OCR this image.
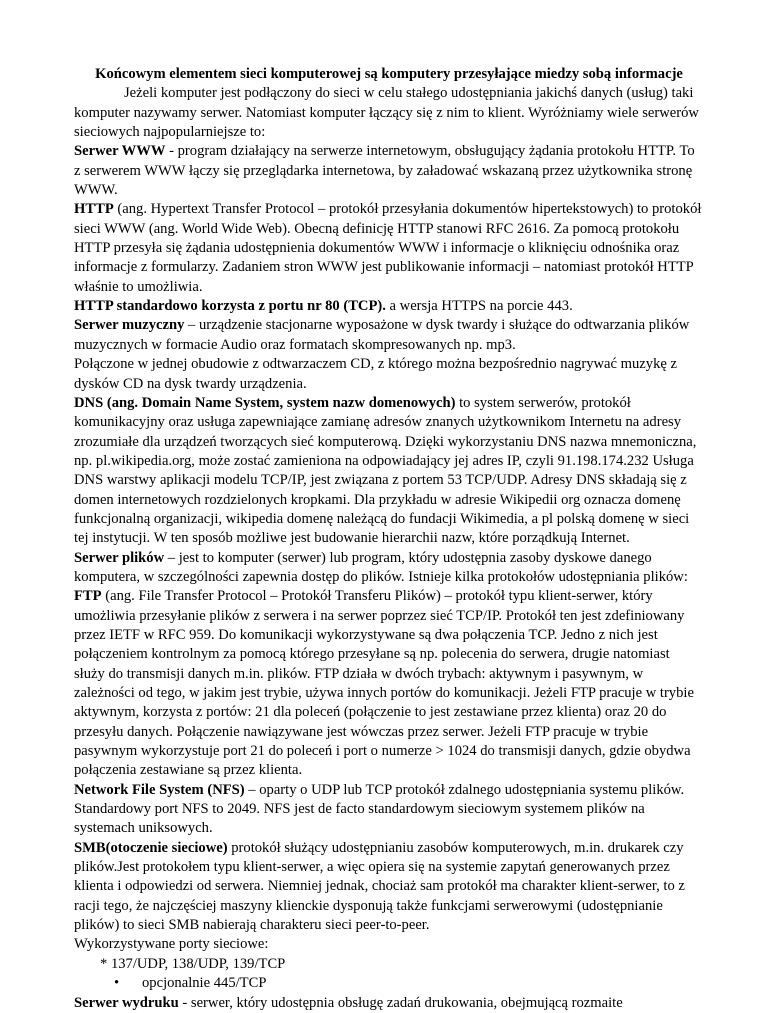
Końcowym elementem sieci komputerowej są komputery przesyłające miedzy sobą informacje

Jeżeli komputer jest podłączony do sieci w celu stałego udostępniania jakichś danych (usług) taki komputer nazywamy serwer. Natomiast komputer łączący się z nim to klient. Wyróżniamy wiele serwerów sieciowych najpopularniejsze to:

Serwer WWW - program działający na serwerze internetowym, obsługujący żądania protokołu HTTP. To z serwerem WWW łączy się przeglądarka internetowa, by załadować wskazaną przez użytkownika stronę WWW.

HTTP (ang. Hypertext Transfer Protocol – protokół przesyłania dokumentów hipertekstowych) to protokół sieci WWW (ang. World Wide Web). Obecną definicję HTTP stanowi RFC 2616. Za pomocą protokołu HTTP przesyła się żądania udostępnienia dokumentów WWW i informacje o kliknięciu odnośnika oraz informacje z formularzy. Zadaniem stron WWW jest publikowanie informacji – natomiast protokół HTTP właśnie to umożliwia.

HTTP standardowo korzysta z portu nr 80 (TCP). a wersja HTTPS na porcie 443.

Serwer muzyczny – urządzenie stacjonarne wyposażone w dysk twardy i służące do odtwarzania plików muzycznych w formacie Audio oraz formatach skompresowanych np. mp3.

Połączone w jednej obudowie z odtwarzaczem CD, z którego można bezpośrednio nagrywać muzykę z dysków CD na dysk twardy urządzenia.

DNS (ang. Domain Name System, system nazw domenowych) to system serwerów, protokół komunikacyjny oraz usługa zapewniające zamianę adresów znanych użytkownikom Internetu na adresy zrozumiałe dla urządzeń tworzących sieć komputerową. Dzięki wykorzystaniu DNS nazwa mnemoniczna, np. pl.wikipedia.org, może zostać zamieniona na odpowiadający jej adres IP, czyli 91.198.174.232 Usługa DNS warstwy aplikacji modelu TCP/IP, jest związana z portem 53 TCP/UDP. Adresy DNS składają się z domen internetowych rozdzielonych kropkami. Dla przykładu w adresie Wikipedii org oznacza domenę funkcjonalną organizacji, wikipedia domenę należącą do fundacji Wikimedia, a pl polską domenę w sieci tej instytucji. W ten sposób możliwe jest budowanie hierarchii nazw, które porządkują Internet.

Serwer plików – jest to komputer (serwer) lub program, który udostępnia zasoby dyskowe danego komputera, w szczególności zapewnia dostęp do plików. Istnieje kilka protokołów udostępniania plików:

FTP (ang. File Transfer Protocol – Protokół Transferu Plików) – protokół typu klient-serwer, który umożliwia przesyłanie plików z serwera i na serwer poprzez sieć TCP/IP. Protokół ten jest zdefiniowany przez IETF w RFC 959. Do komunikacji wykorzystywane są dwa połączenia TCP. Jedno z nich jest połączeniem kontrolnym za pomocą którego przesyłane są np. polecenia do serwera, drugie natomiast służy do transmisji danych m.in. plików. FTP działa w dwóch trybach: aktywnym i pasywnym, w zależności od tego, w jakim jest trybie, używa innych portów do komunikacji. Jeżeli FTP pracuje w trybie aktywnym, korzysta z portów: 21 dla poleceń (połączenie to jest zestawiane przez klienta) oraz 20 do przesyłu danych. Połączenie nawiązywane jest wówczas przez serwer. Jeżeli FTP pracuje w trybie pasywnym wykorzystuje port 21 do poleceń i port o numerze > 1024 do transmisji danych, gdzie obydwa połączenia zestawiane są przez klienta.

Network File System (NFS) – oparty o UDP lub TCP protokół zdalnego udostępniania systemu plików. Standardowy port NFS to 2049. NFS jest de facto standardowym sieciowym systemem plików na systemach uniksowych.

SMB(otoczenie sieciowe) protokół służący udostępnianiu zasobów komputerowych, m.in. drukarek czy plików.Jest protokołem typu klient-serwer, a więc opiera się na systemie zapytań generowanych przez klienta i odpowiedzi od serwera. Niemniej jednak, chociaż sam protokół ma charakter klient-serwer, to z racji tego, że najczęściej maszyny klienckie dysponują także funkcjami serwerowymi (udostępnianie plików) to sieci SMB nabierają charakteru sieci peer-to-peer.

Wykorzystywane porty sieciowe:

* 137/UDP, 138/UDP, 139/TCP

• opcjonalnie 445/TCP

Serwer wydruku - serwer, który udostępnia obsługę zadań drukowania, obejmującą rozmaite
